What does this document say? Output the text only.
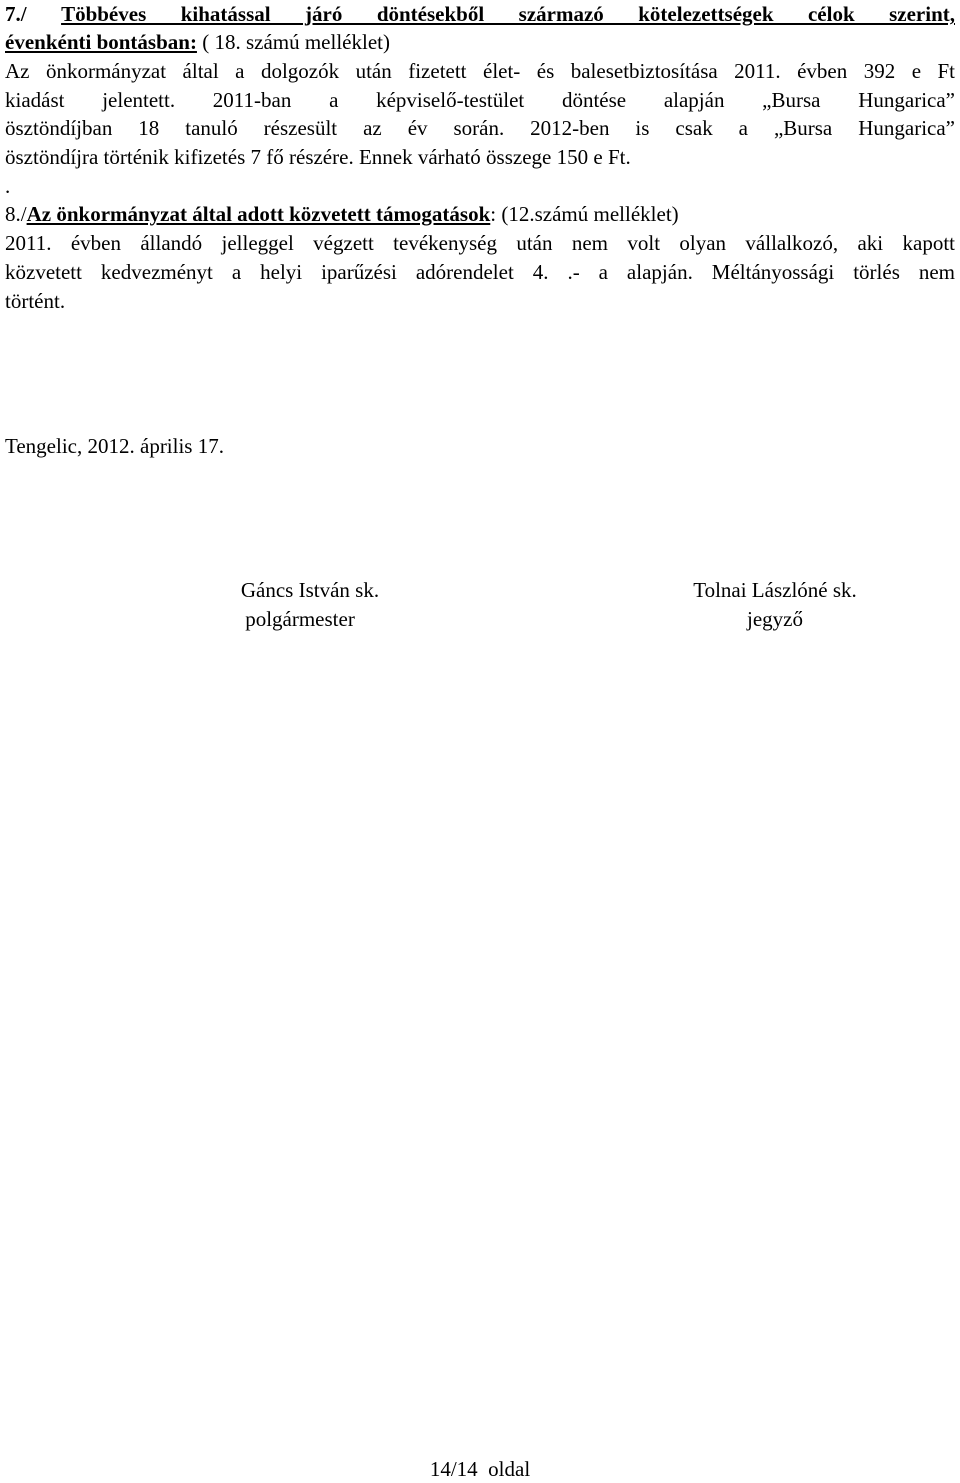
7./ Többéves kihatással járó döntésekből származó kötelezettségek célok szerint,
évenkénti bontásban: ( 18. számú melléklet)
Az önkormányzat által a dolgozók után fizetett élet- és balesetbiztosítása 2011. évben 392 e Ft
kiadást jelentett. 2011-ban a képviselő-testület döntése alapján „Bursa Hungarica”
ösztöndíjban 18 tanuló részesült az év során. 2012-ben is csak a „Bursa Hungarica”
ösztöndíjra történik kifizetés 7 fő részére. Ennek várható összege 150 e Ft.
.
8./Az önkormányzat által adott közvetett támogatások: (12.számú melléklet)
2011. évben állandó jelleggel végzett tevékenység után nem volt olyan vállalkozó, aki kapott
közvetett kedvezményt a helyi iparűzési adórendelet 4. .- a alapján. Méltányossági törlés nem
történt.
Tengelic, 2012. április 17.
Gáncs István sk.
polgármester
Tolnai Lászlóné sk.
jegyző
14/14  oldal
